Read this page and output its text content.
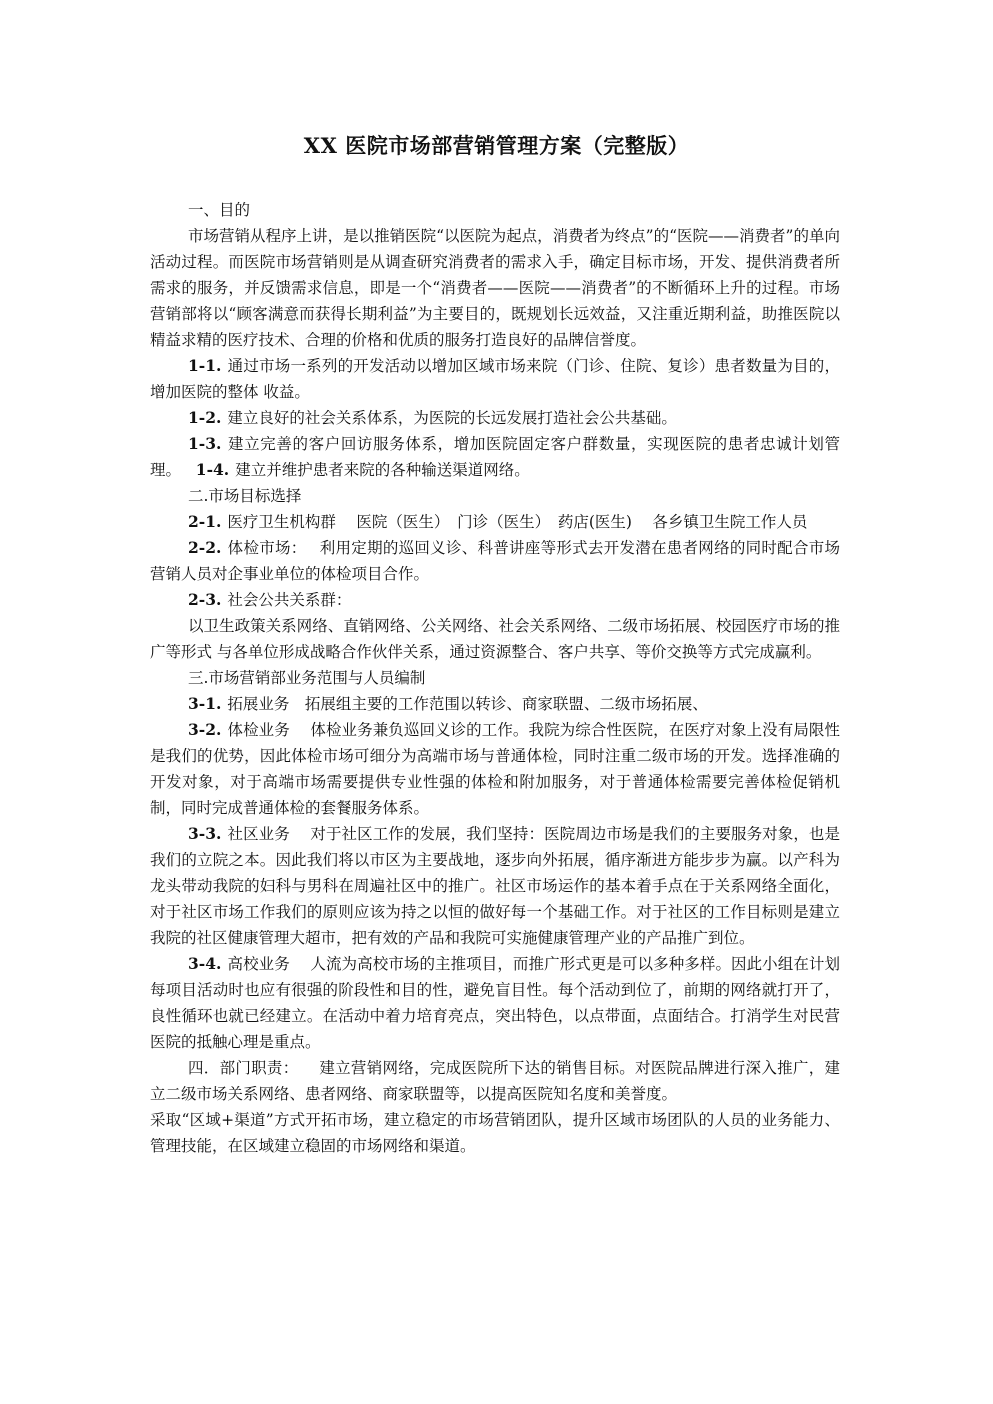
XX 医院市场部营销管理方案（完整版）

一、目的

市场营销从程序上讲，是以推销医院“以医院为起点，消费者为终点”的“医院——消费者”的单向活动过程。而医院市场营销则是从调查研究消费者的需求入手，确定目标市场，开发、提供消费者所需求的服务，并反馈需求信息，即是一个“消费者——医院——消费者”的不断循环上升的过程。市场营销部将以“顾客满意而获得长期利益”为主要目的，既规划长远效益，又注重近期利益，助推医院以精益求精的医疗技术、合理的价格和优质的服务打造良好的品牌信誉度。

1-1. 通过市场一系列的开发活动以增加区域市场来院（门诊、住院、复诊）患者数量为目的，增加医院的整体 收益。

1-2. 建立良好的社会关系体系，为医院的长远发展打造社会公共基础。

1-3. 建立完善的客户回访服务体系，增加医院固定客户群数量，实现医院的患者忠诚计划管理。 1-4. 建立并维护患者来院的各种输送渠道网络。

二.市场目标选择

2-1. 医疗卫生机构群　 医院（医生）　门诊（医生）　药店(医生)　 各乡镇卫生院工作人员

2-2. 体检市场：　 利用定期的巡回义诊、科普讲座等形式去开发潜在患者网络的同时配合市场营销人员对企事业单位的体检项目合作。

2-3. 社会公共关系群：

以卫生政策关系网络、直销网络、公关网络、社会关系网络、二级市场拓展、校园医疗市场的推广等形式 与各单位形成战略合作伙伴关系，通过资源整合、客户共享、等价交换等方式完成赢利。

三.市场营销部业务范围与人员编制

3-1. 拓展业务　拓展组主要的工作范围以转诊、商家联盟、二级市场拓展、

3-2. 体检业务　 体检业务兼负巡回义诊的工作。我院为综合性医院，在医疗对象上没有局限性是我们的优势，因此体检市场可细分为高端市场与普通体检，同时注重二级市场的开发。选择准确的开发对象，对于高端市场需要提供专业性强的体检和附加服务，对于普通体检需要完善体检促销机制，同时完成普通体检的套餐服务体系。

3-3. 社区业务　 对于社区工作的发展，我们坚持：医院周边市场是我们的主要服务对象，也是我们的立院之本。因此我们将以市区为主要战地，逐步向外拓展，循序渐进方能步步为赢。以产科为龙头带动我院的妇科与男科在周遍社区中的推广。社区市场运作的基本着手点在于关系网络全面化，对于社区市场工作我们的原则应该为持之以恒的做好每一个基础工作。对于社区的工作目标则是建立我院的社区健康管理大超市，把有效的产品和我院可实施健康管理产业的产品推广到位。

3-4. 高校业务　 人流为高校市场的主推项目，而推广形式更是可以多种多样。因此小组在计划每项目活动时也应有很强的阶段性和目的性，避免盲目性。每个活动到位了，前期的网络就打开了，良性循环也就已经建立。在活动中着力培育亮点，突出特色，以点带面，点面结合。打消学生对民营医院的抵触心理是重点。

四．部门职责： 建立营销网络，完成医院所下达的销售目标。对医院品牌进行深入推广，建立二级市场关系网络、患者网络、商家联盟等，以提高医院知名度和美誉度。

采取“区域+渠道”方式开拓市场，建立稳定的市场营销团队，提升区域市场团队的人员的业务能力、管理技能，在区域建立稳固的市场网络和渠道。
